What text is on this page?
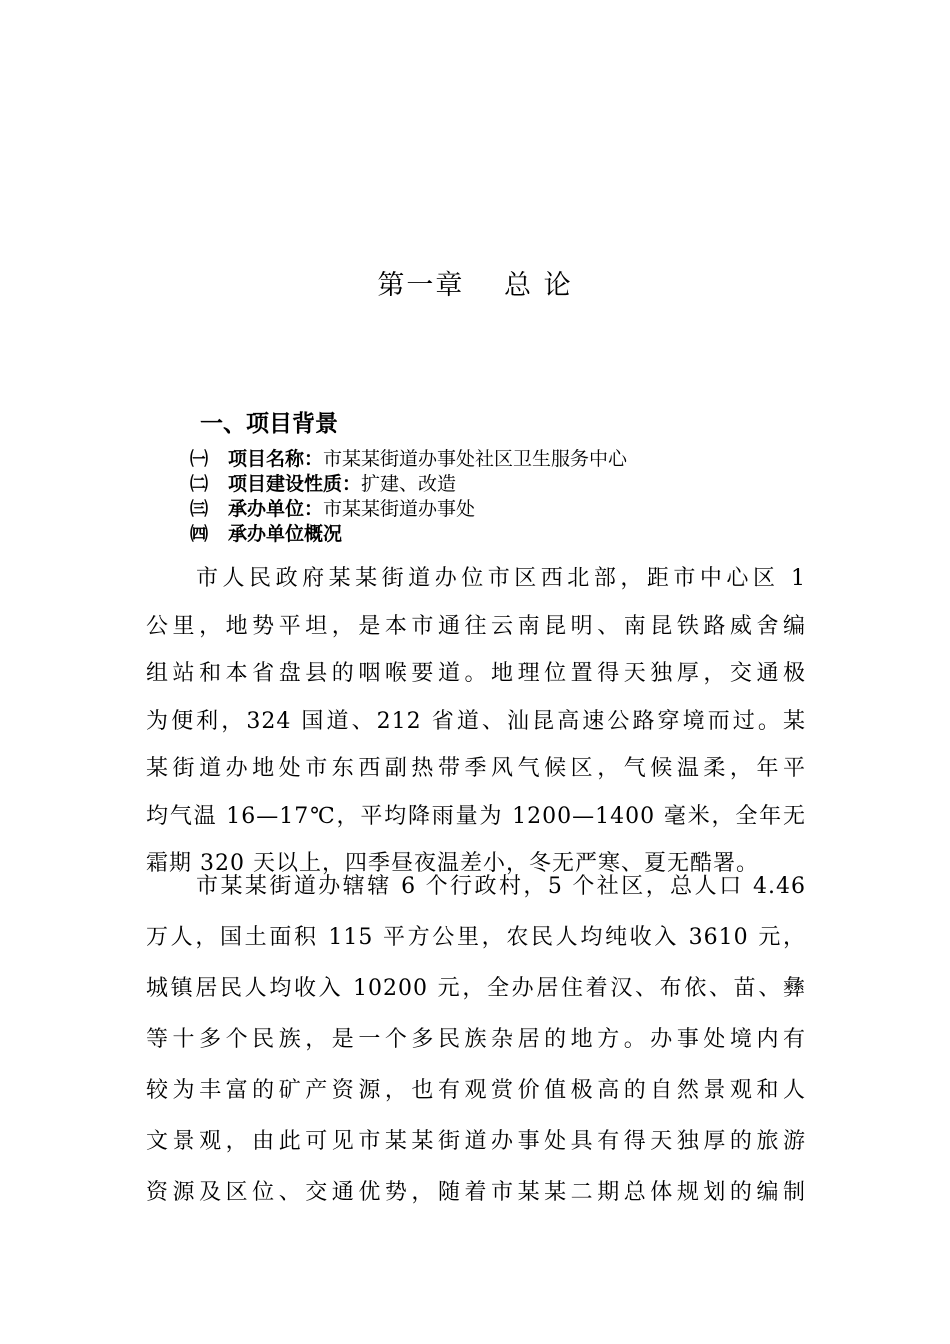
第一章　 总 论
一、项目背景
㈠ 项目名称：市某某街道办事处社区卫生服务中心
㈡ 项目建设性质：扩建、改造
㈢ 承办单位：市某某街道办事处
㈣ 承办单位概况
市人民政府某某街道办位市区西北部，距市中心区 1
公里，地势平坦，是本市通往云南昆明、南昆铁路威舍编
组站和本省盘县的咽喉要道。地理位置得天独厚，交通极
为便利，324 国道、212 省道、汕昆高速公路穿境而过。某
某街道办地处市东西副热带季风气候区，气候温柔，年平
均气温 16—17℃，平均降雨量为 1200—1400 毫米，全年无
霜期 320 天以上，四季昼夜温差小，冬无严寒、夏无酷署。
市某某街道办辖辖 6 个行政村，5 个社区，总人口 4.46
万人，国土面积 115 平方公里，农民人均纯收入 3610 元，
城镇居民人均收入 10200 元，全办居住着汉、布依、苗、彝
等十多个民族，是一个多民族杂居的地方。办事处境内有
较为丰富的矿产资源，也有观赏价值极高的自然景观和人
文景观，由此可见市某某街道办事处具有得天独厚的旅游
资源及区位、交通优势，随着市某某二期总体规划的编制
